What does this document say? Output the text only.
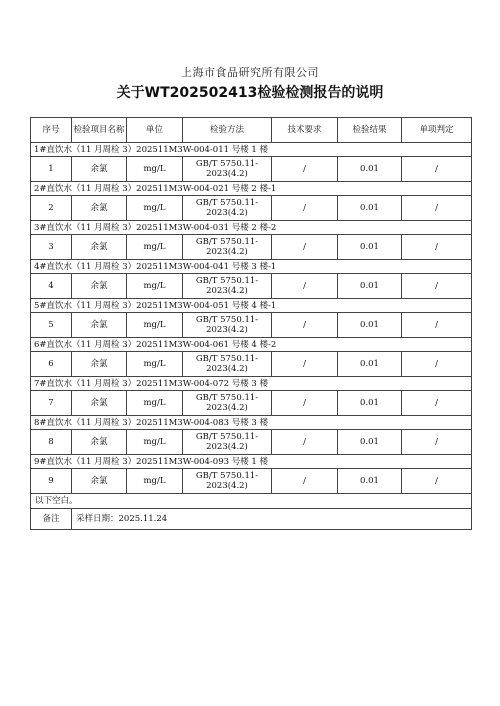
上海市食品研究所有限公司
关于WT202502413检验检测报告的说明
序号	检验项目名称	单位	检验方法	技术要求	检验结果	单项判定
1#直饮水（11 月周检 3）202511M3W-004-011 号楼 1 楼						
1	余氯	mg/L	GB/T 5750.11-
2023(4.2)	/	0.01	/
2#直饮水（11 月周检 3）202511M3W-004-021 号楼 2 楼-1						
2	余氯	mg/L	GB/T 5750.11-
2023(4.2)	/	0.01	/
3#直饮水（11 月周检 3）202511M3W-004-031 号楼 2 楼-2						
3	余氯	mg/L	GB/T 5750.11-
2023(4.2)	/	0.01	/
4#直饮水（11 月周检 3）202511M3W-004-041 号楼 3 楼-1						
4	余氯	mg/L	GB/T 5750.11-
2023(4.2)	/	0.01	/
5#直饮水（11 月周检 3）202511M3W-004-051 号楼 4 楼-1						
5	余氯	mg/L	GB/T 5750.11-
2023(4.2)	/	0.01	/
6#直饮水（11 月周检 3）202511M3W-004-061 号楼 4 楼-2						
6	余氯	mg/L	GB/T 5750.11-
2023(4.2)	/	0.01	/
7#直饮水（11 月周检 3）202511M3W-004-072 号楼 3 楼						
7	余氯	mg/L	GB/T 5750.11-
2023(4.2)	/	0.01	/
8#直饮水（11 月周检 3）202511M3W-004-083 号楼 3 楼						
8	余氯	mg/L	GB/T 5750.11-
2023(4.2)	/	0.01	/
9#直饮水（11 月周检 3）202511M3W-004-093 号楼 1 楼						
9	余氯	mg/L	GB/T 5750.11-
2023(4.2)	/	0.01	/
以下空白。						
备注	采样日期：2025.11.24					
